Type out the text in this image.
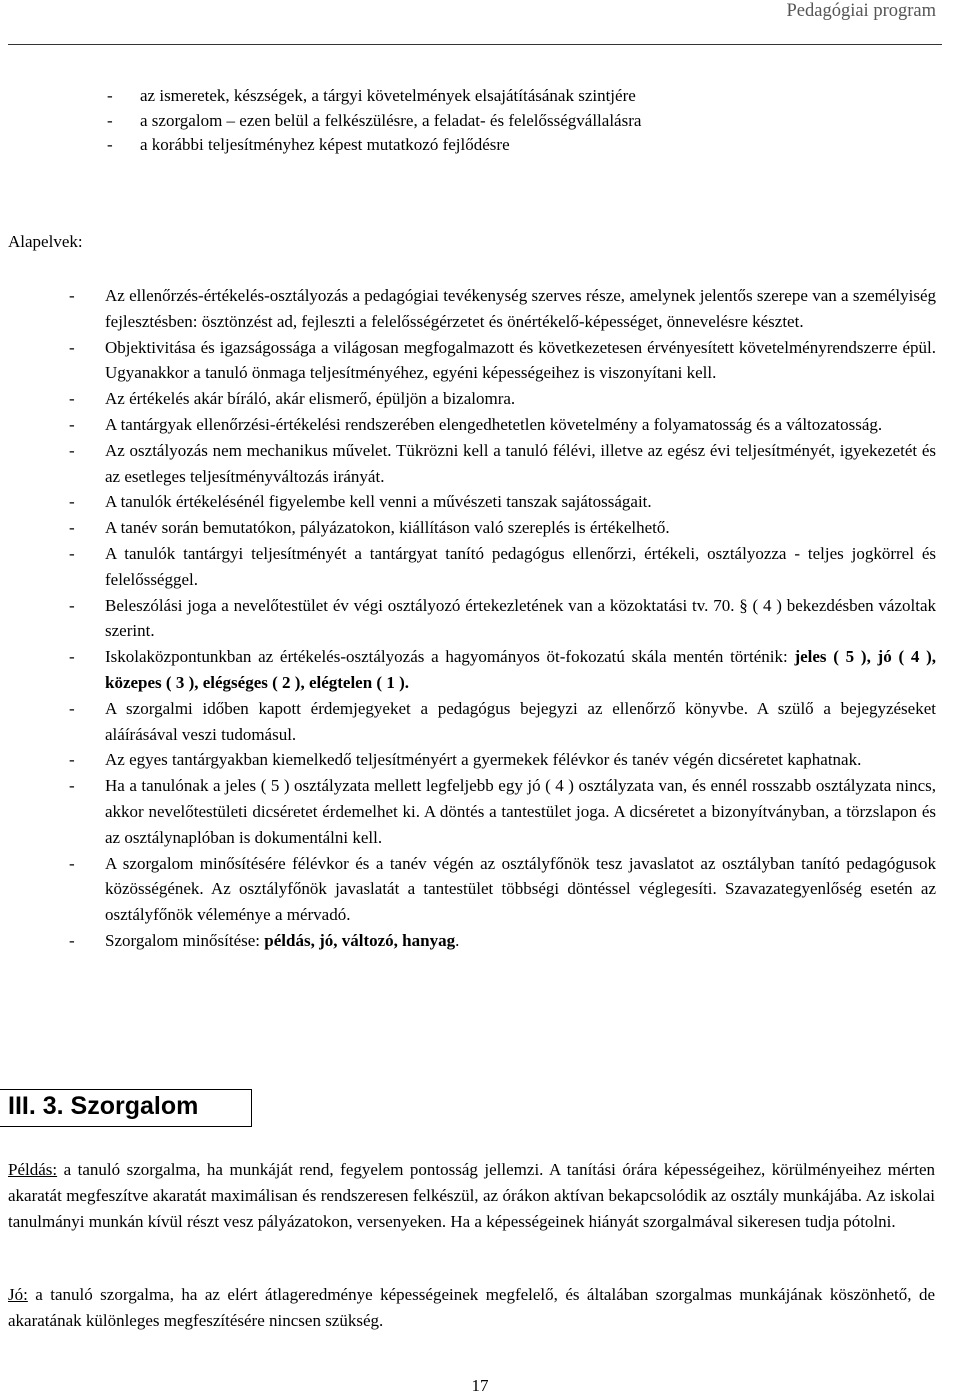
Pedagógiai program
- az ismeretek, készségek, a tárgyi követelmények elsajátításának szintjére
- a szorgalom – ezen belül a felkészülésre, a feladat- és felelősségvállalásra
- a korábbi teljesítményhez képest mutatkozó fejlődésre
Alapelvek:
- Az ellenőrzés-értékelés-osztályozás a pedagógiai tevékenység szerves része, amelynek jelentős szerepe van a személyiség fejlesztésben: ösztönzést ad, fejleszti a felelősségérzetet és önértékelő-képességet, önnevelésre késztet.
- Objektivitása és igazságossága a világosan megfogalmazott és következetesen érvényesített követelményrendszerre épül. Ugyanakkor a tanuló önmaga teljesítményéhez, egyéni képességeihez is viszonyítani kell.
- Az értékelés akár bíráló, akár elismerő, épüljön a bizalomra.
- A tantárgyak ellenőrzési-értékelési rendszerében elengedhetetlen követelmény a folyamatosság és a változatosság.
- Az osztályozás nem mechanikus művelet. Tükrözni kell a tanuló félévi, illetve az egész évi teljesítményét, igyekezetét és az esetleges teljesítményváltozás irányát.
- A tanulók értékelésénél figyelembe kell venni a művészeti tanszak sajátosságait.
- A tanév során bemutatókon, pályázatokon, kiállításon való szereplés is értékelhető.
- A tanulók tantárgyi teljesítményét a tantárgyat tanító pedagógus ellenőrzi, értékeli, osztályozza - teljes jogkörrel és felelősséggel.
- Beleszólási joga a nevelőtestület év végi osztályozó értekezletének van a közoktatási tv. 70. § ( 4 ) bekezdésben vázoltak szerint.
- Iskolaközpontunkban az értékelés-osztályozás a hagyományos öt-fokozatú skála mentén történik: jeles ( 5 ), jó ( 4 ), közepes ( 3 ), elégséges ( 2 ), elégtelen ( 1 ).
- A szorgalmi időben kapott érdemjegyeket a pedagógus bejegyzi az ellenőrző könyvbe. A szülő a bejegyzéseket aláírásával veszi tudomásul.
- Az egyes tantárgyakban kiemelkedő teljesítményért a gyermekek félévkor és tanév végén dicséretet kaphatnak.
- Ha a tanulónak a jeles ( 5 ) osztályzata mellett legfeljebb egy jó ( 4 ) osztályzata van, és ennél rosszabb osztályzata nincs, akkor nevelőtestületi dicséretet érdemelhet ki. A döntés a tantestület joga. A dicséretet a bizonyítványban, a törzslapon és az osztálynaplóban is dokumentálni kell.
- A szorgalom minősítésére félévkor és a tanév végén az osztályfőnök tesz javaslatot az osztályban tanító pedagógusok közösségének. Az osztályfőnök javaslatát a tantestület többségi döntéssel véglegesíti. Szavazategyenlőség esetén az osztályfőnök véleménye a mérvadó.
- Szorgalom minősítése: példás, jó, változó, hanyag.
III. 3. Szorgalom

Példás: a tanuló szorgalma, ha munkáját rend, fegyelem pontosság jellemzi. A tanítási órára képességeihez, körülményeihez mérten akaratát megfeszítve akaratát maximálisan és rendszeresen felkészül, az órákon aktívan bekapcsolódik az osztály munkájába. Az iskolai tanulmányi munkán kívül részt vesz pályázatokon, versenyeken. Ha a képességeinek hiányát szorgalmával sikeresen tudja pótolni.

Jó: a tanuló szorgalma, ha az elért átlageredménye képességeinek megfelelő, és általában szorgalmas munkájának köszönhető, de akaratának különleges megfeszítésére nincsen szükség.

17
